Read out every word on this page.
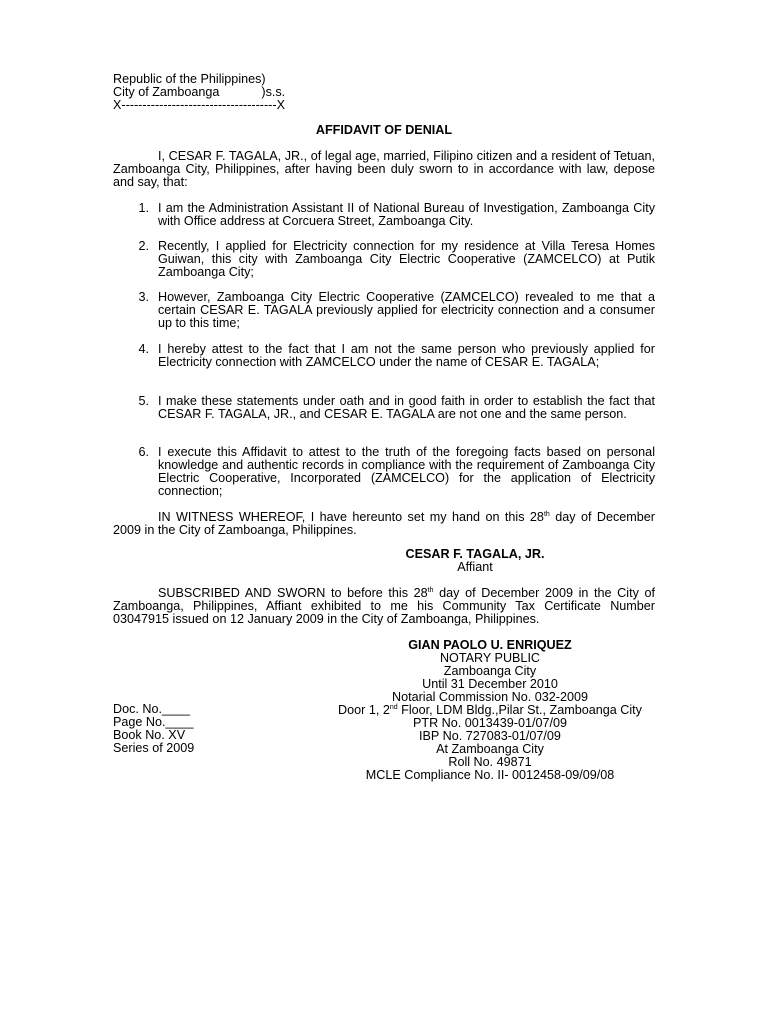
Republic of the Philippines)
City of Zamboanga            )s.s.
X-------------------------------------X
AFFIDAVIT OF DENIAL
I, CESAR F. TAGALA, JR., of legal age, married, Filipino citizen and a resident of Tetuan, Zamboanga City, Philippines, after having been duly sworn to in accordance with law, depose and say, that:
1. I am the Administration Assistant II of National Bureau of Investigation, Zamboanga City with Office address at Corcuera Street, Zamboanga City.
2. Recently, I applied for Electricity connection for my residence at Villa Teresa Homes Guiwan, this city with Zamboanga City Electric Cooperative (ZAMCELCO) at Putik Zamboanga City;
3. However, Zamboanga City Electric Cooperative (ZAMCELCO) revealed to me that a certain CESAR E. TAGALA previously applied for electricity connection and a consumer up to this time;
4. I hereby attest to the fact that I am not the same person who previously applied for Electricity connection with ZAMCELCO under the name of CESAR E. TAGALA;
5. I make these statements under oath and in good faith in order to establish the fact that CESAR F. TAGALA, JR., and CESAR E. TAGALA are not one and the same person.
6. I execute this Affidavit to attest to the truth of the foregoing facts based on personal knowledge and authentic records in compliance with the requirement of Zamboanga City Electric Cooperative, Incorporated (ZAMCELCO) for the application of Electricity connection;
IN WITNESS WHEREOF, I have hereunto set my hand on this 28th day of December 2009 in the City of Zamboanga, Philippines.
CESAR F. TAGALA, JR.
Affiant
SUBSCRIBED AND SWORN to before this 28th day of December 2009 in the City of Zamboanga, Philippines, Affiant exhibited to me his Community Tax Certificate Number 03047915 issued on 12 January 2009 in the City of Zamboanga, Philippines.
GIAN PAOLO U. ENRIQUEZ
NOTARY PUBLIC
Zamboanga City
Until 31 December 2010
Notarial Commission No. 032-2009
Door 1, 2nd Floor, LDM Bldg.,Pilar St., Zamboanga City
PTR No. 0013439-01/07/09
IBP No. 727083-01/07/09
At Zamboanga City
Roll No. 49871
MCLE Compliance No. II- 0012458-09/09/08
Doc. No.____
Page No.____
Book No. XV
Series of 2009
